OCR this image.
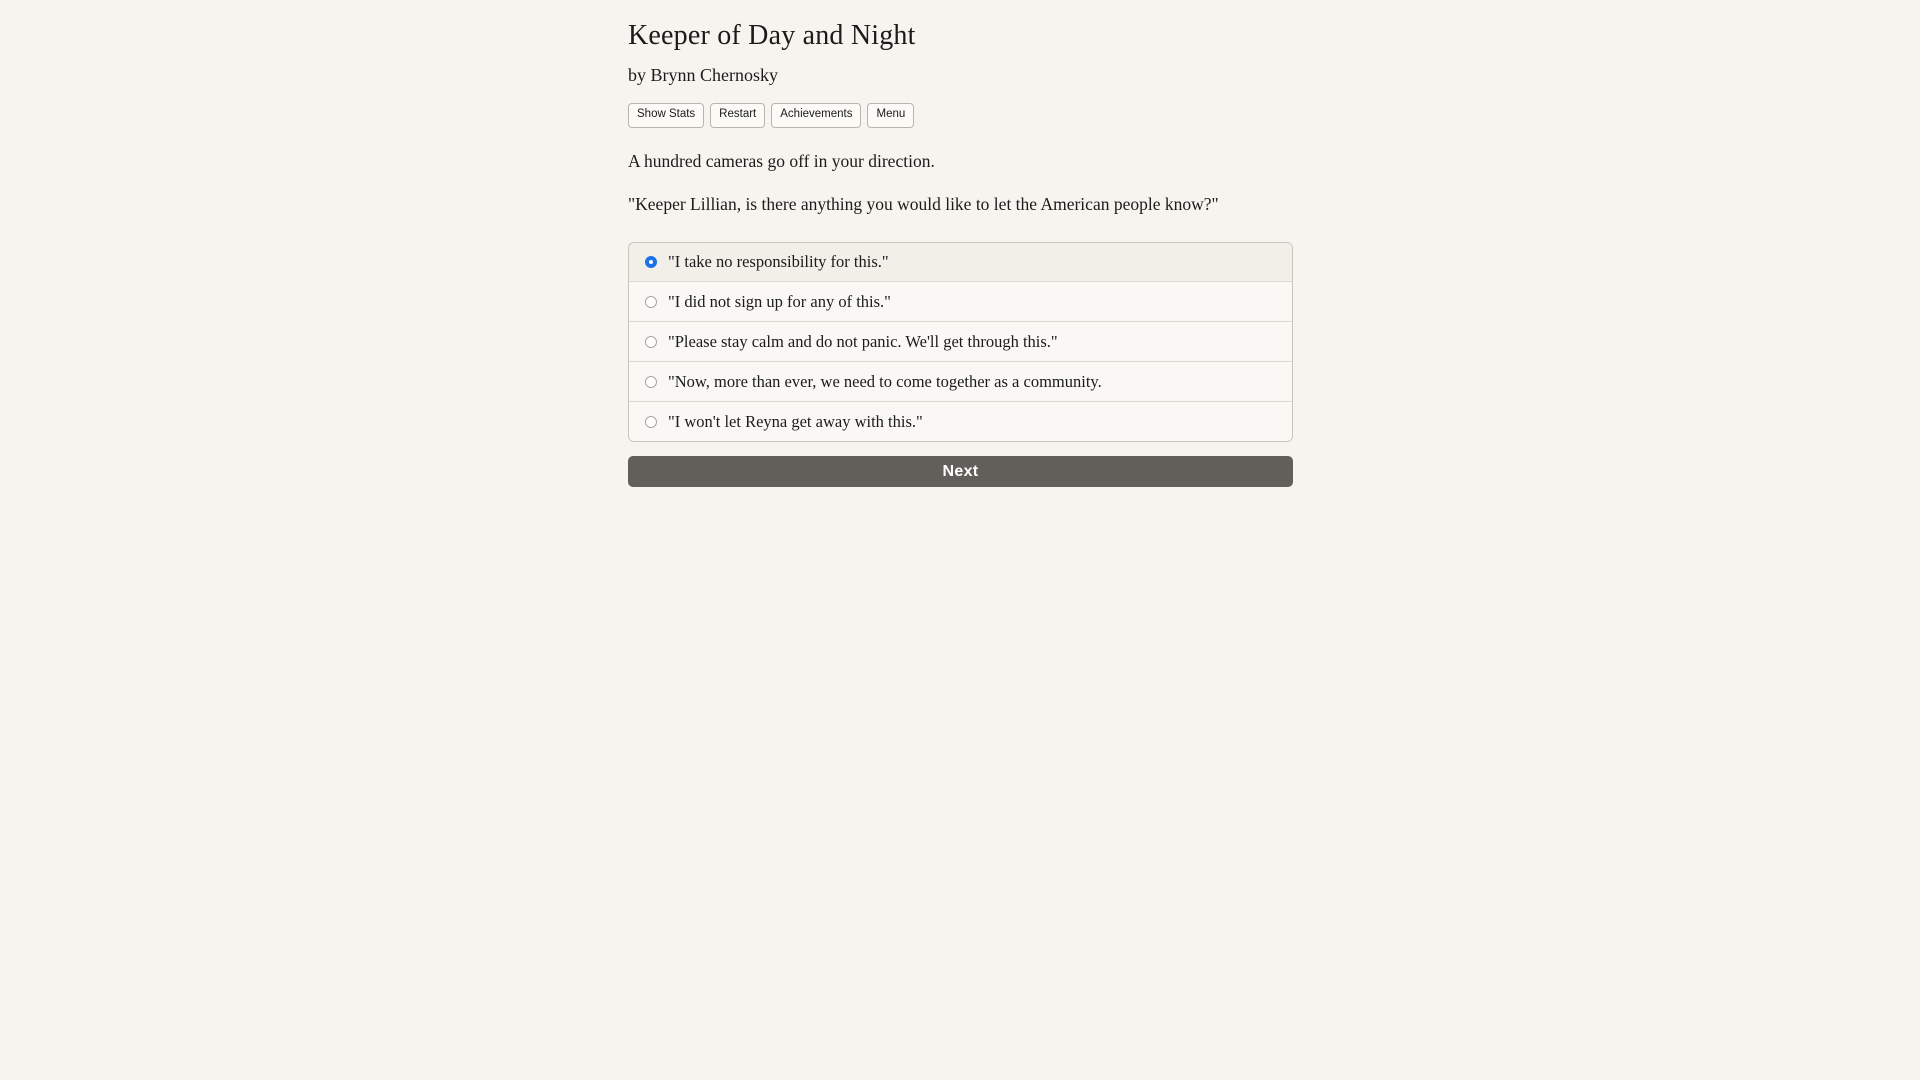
Keeper of Day and Night

by Brynn Chernosky

Show Stats	Restart	Achievements	Menu

A hundred cameras go off in your direction.

"Keeper Lillian, is there anything you would like to let the American people know?"

"I take no responsibility for this."
"I did not sign up for any of this."
"Please stay calm and do not panic. We'll get through this."
"Now, more than ever, we need to come together as a community.
"I won't let Reyna get away with this."
Next
